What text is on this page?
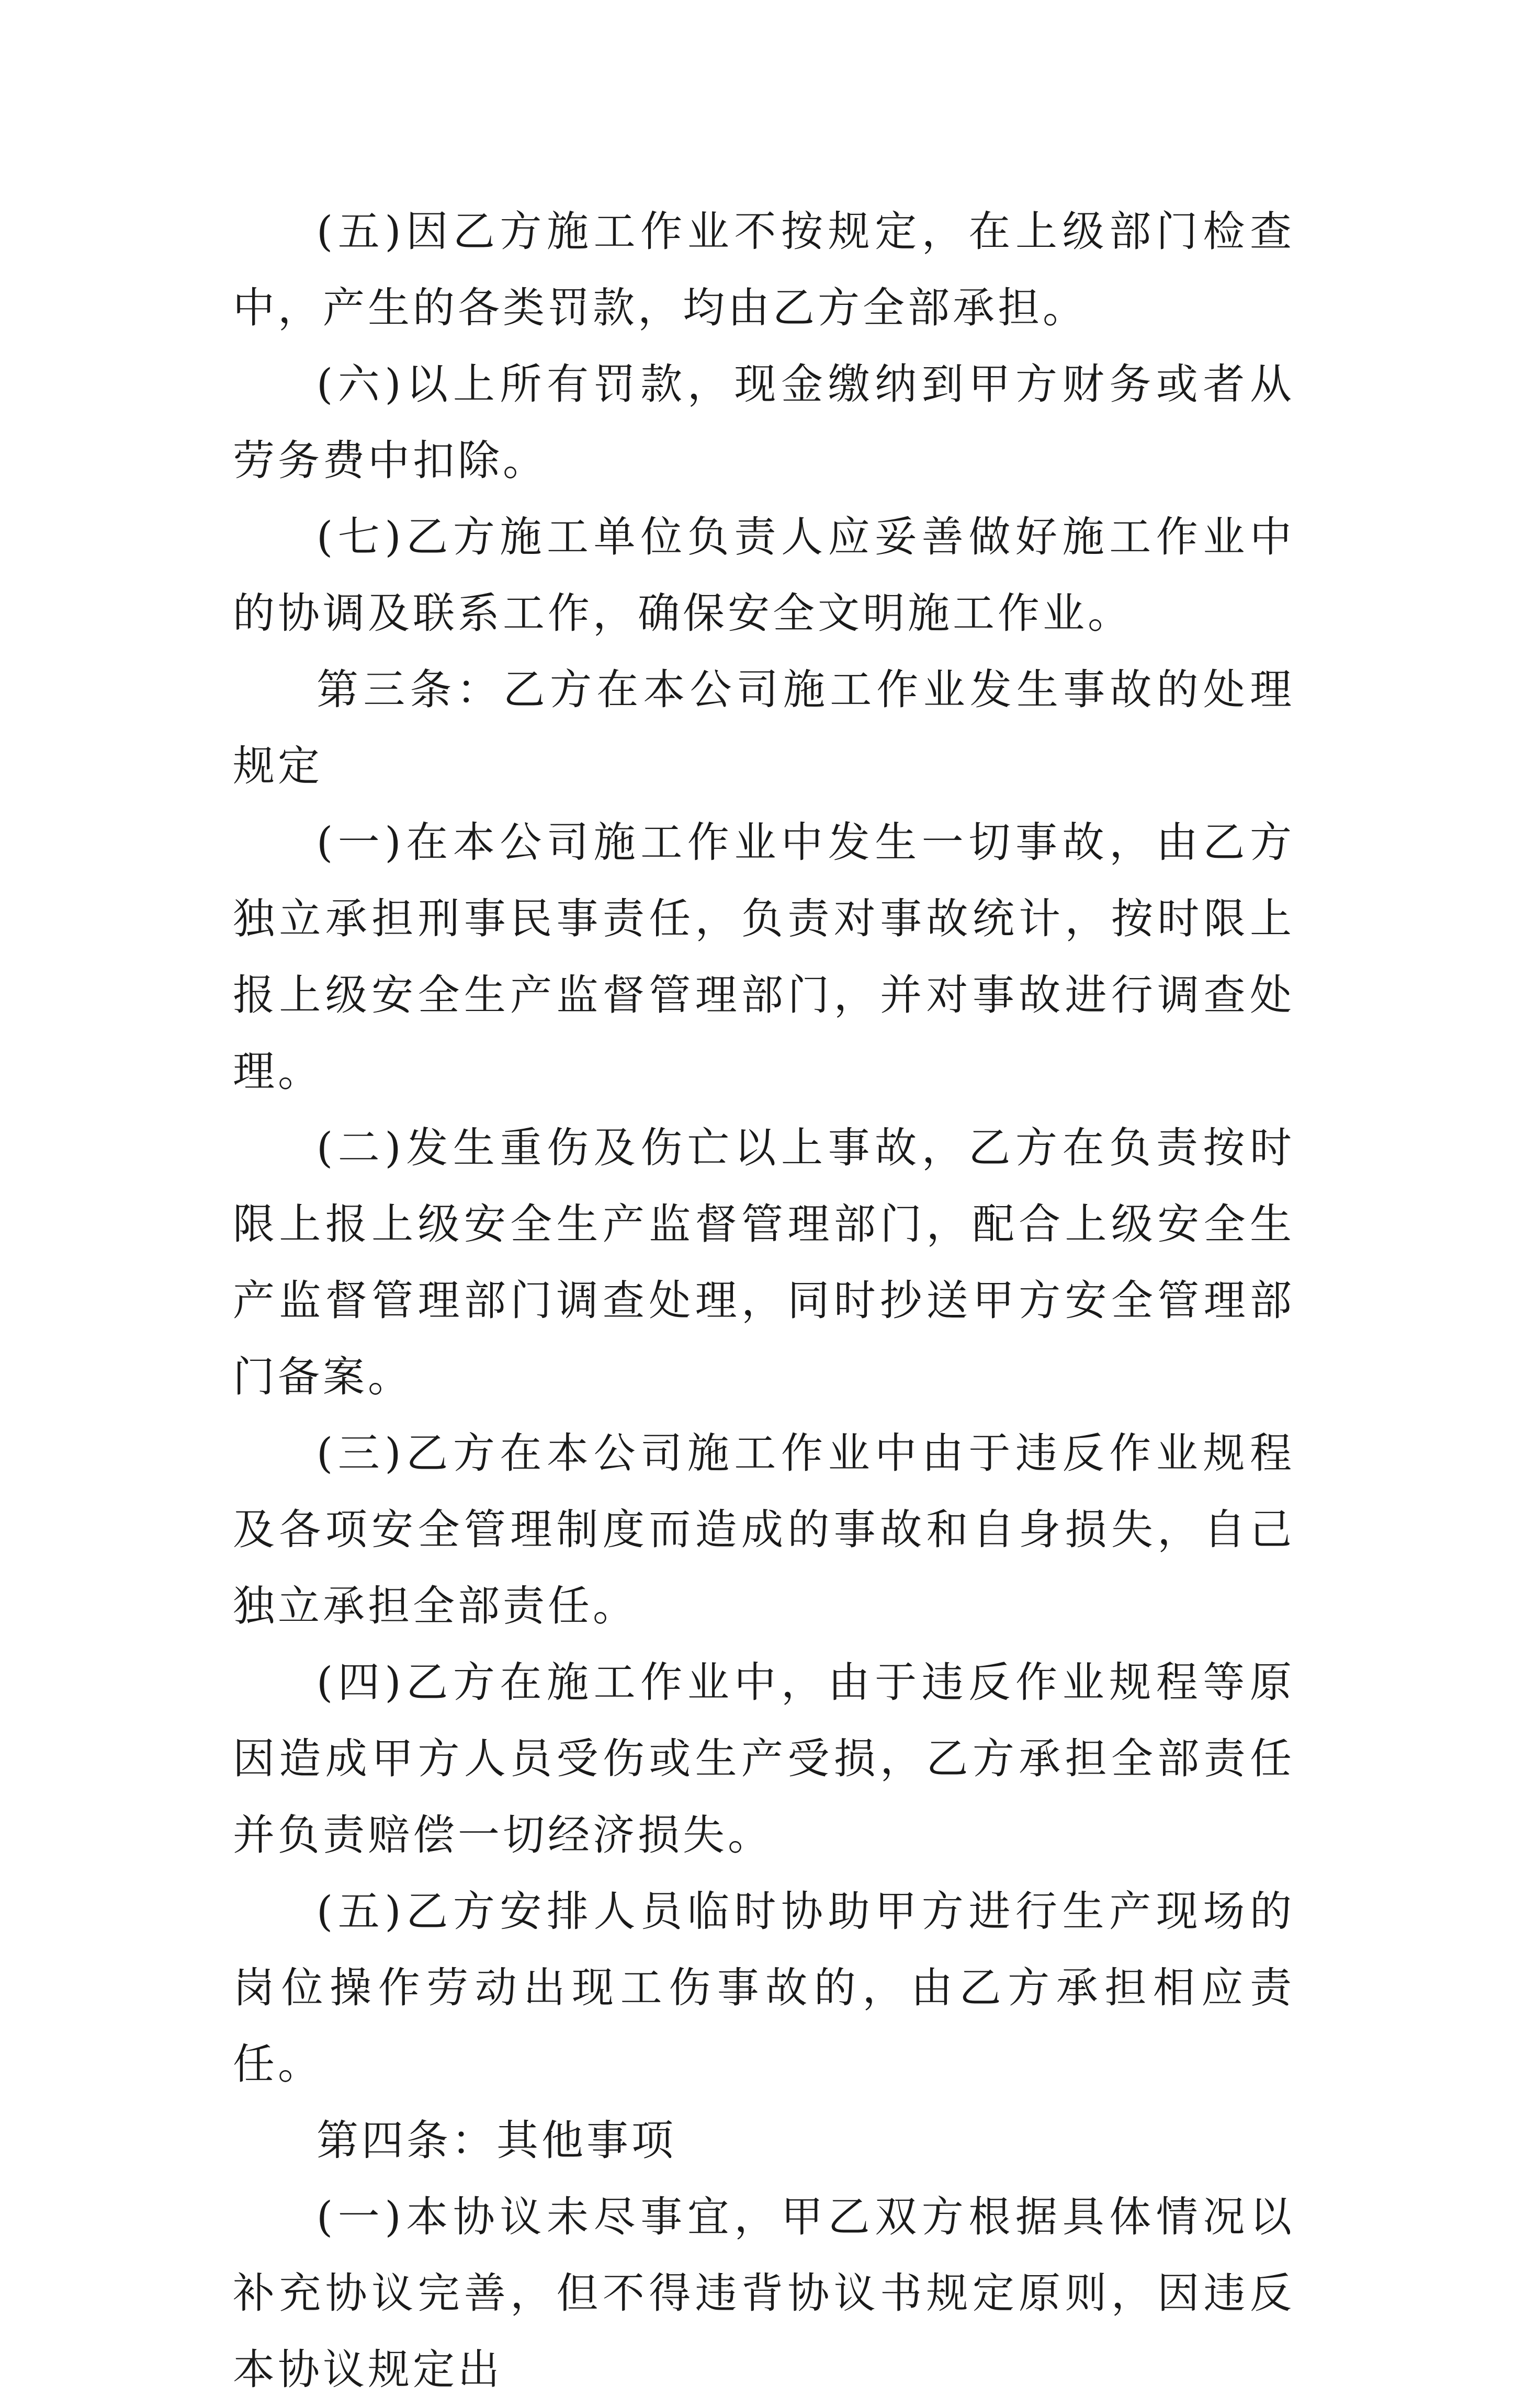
(五)因乙方施工作业不按规定，在上级部门检查中，产生的各类罚款，均由乙方全部承担。

(六)以上所有罚款，现金缴纳到甲方财务或者从劳务费中扣除。

(七)乙方施工单位负责人应妥善做好施工作业中的协调及联系工作，确保安全文明施工作业。

第三条：乙方在本公司施工作业发生事故的处理规定

(一)在本公司施工作业中发生一切事故，由乙方独立承担刑事民事责任，负责对事故统计，按时限上报上级安全生产监督管理部门，并对事故进行调查处理。

(二)发生重伤及伤亡以上事故，乙方在负责按时限上报上级安全生产监督管理部门，配合上级安全生产监督管理部门调查处理，同时抄送甲方安全管理部门备案。

(三)乙方在本公司施工作业中由于违反作业规程及各项安全管理制度而造成的事故和自身损失，自己独立承担全部责任。

(四)乙方在施工作业中，由于违反作业规程等原因造成甲方人员受伤或生产受损，乙方承担全部责任并负责赔偿一切经济损失。

(五)乙方安排人员临时协助甲方进行生产现场的岗位操作劳动出现工伤事故的，由乙方承担相应责任。

第四条：其他事项

(一)本协议未尽事宜，甲乙双方根据具体情况以补充协议完善，但不得违背协议书规定原则，因违反本协议规定出
